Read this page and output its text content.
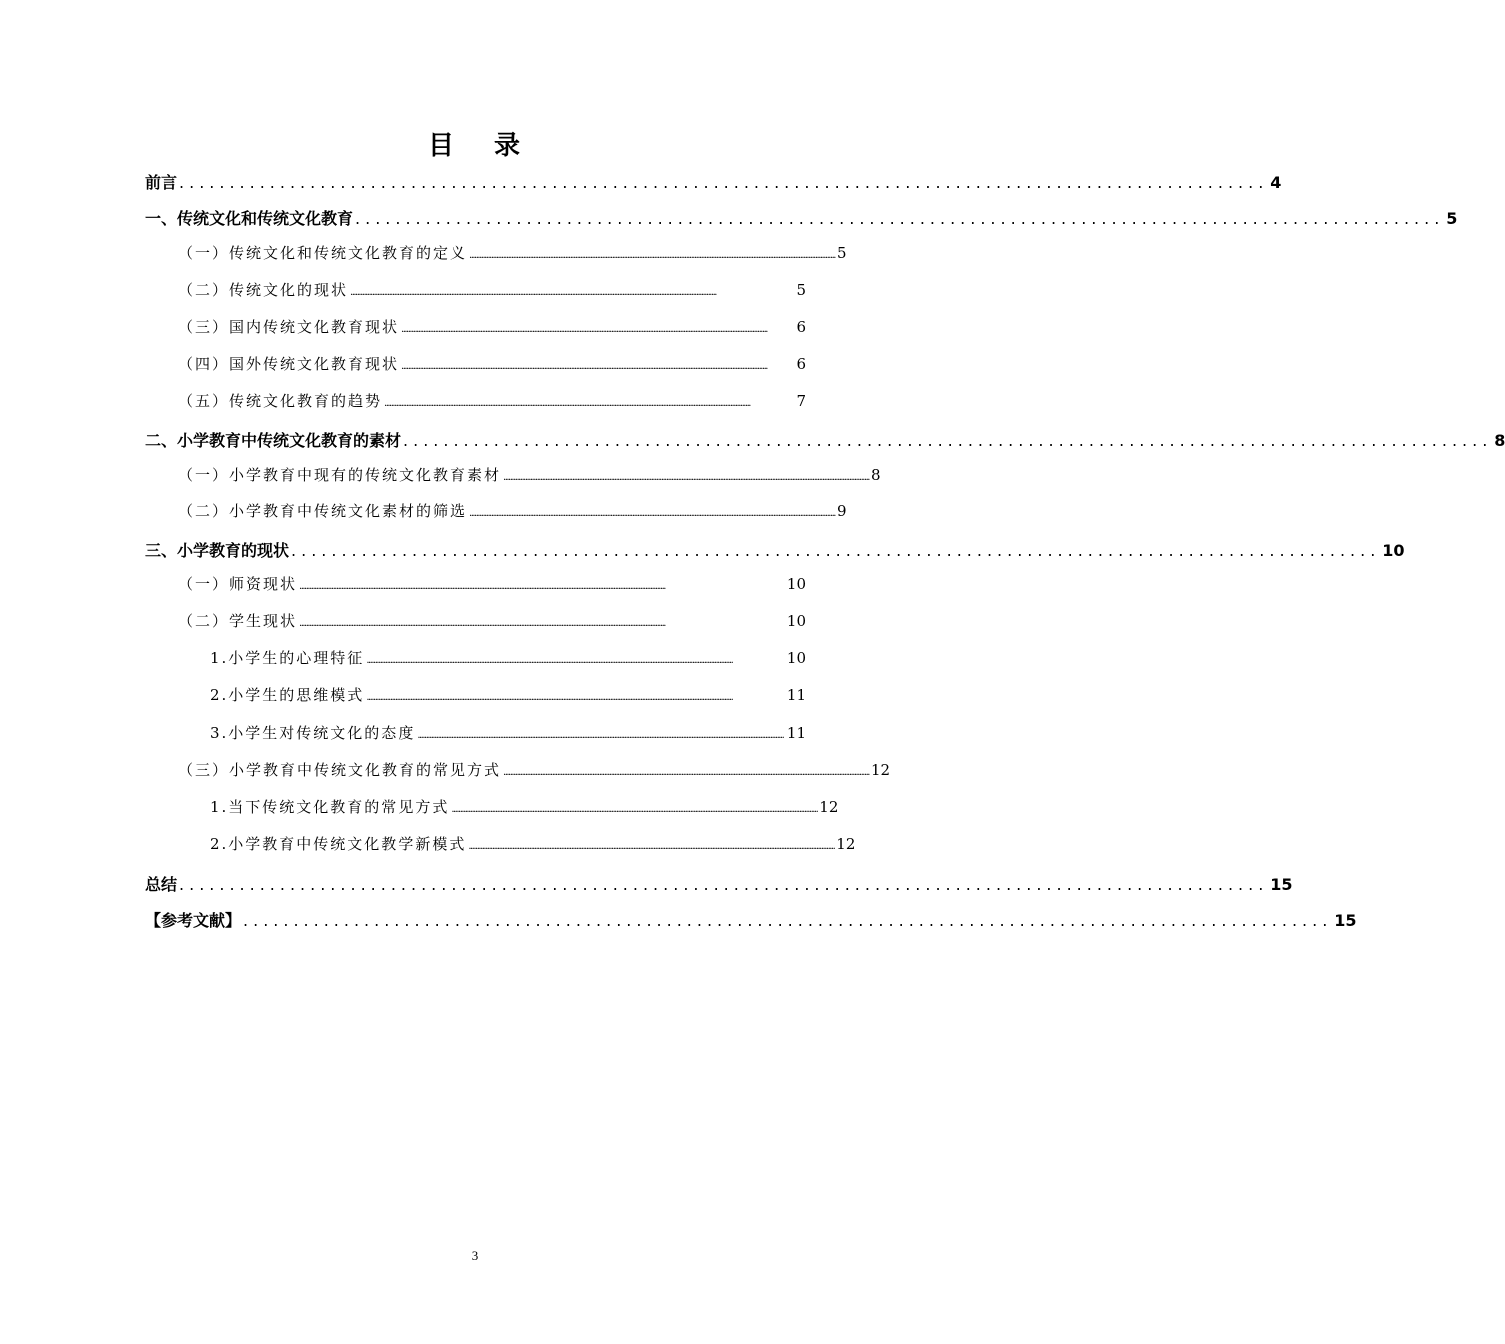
目 录
前言 ............................................................................................................ 4
一、传统文化和传统文化教育 ............................................................................................................ 5
（一）传统文化和传统文化教育的定义 .......................................................................................................................................................................................................................... 5
（二）传统文化的现状 ..........................................................................................................................................................................................................................	5
（三）国内传统文化教育现状 ..........................................................................................................................................................................................................................	6
（四）国外传统文化教育现状 ..........................................................................................................................................................................................................................	6
（五）传统文化教育的趋势 ..........................................................................................................................................................................................................................	7
二、小学教育中传统文化教育的素材 ............................................................................................................ 8
（一）小学教育中现有的传统文化教育素材 .......................................................................................................................................................................................................................... 8
（二）小学教育中传统文化素材的筛选 .......................................................................................................................................................................................................................... 9
三、小学教育的现状 ............................................................................................................ 10
（一）师资现状 ..........................................................................................................................................................................................................................	10
（二）学生现状 ..........................................................................................................................................................................................................................	10
1.小学生的心理特征 ..........................................................................................................................................................................................................................	10
2.小学生的思维模式 ..........................................................................................................................................................................................................................	11
3.小学生对传统文化的态度 .......................................................................................................................................................................................................................... 11
（三）小学教育中传统文化教育的常见方式 .......................................................................................................................................................................................................................... 12
1.当下传统文化教育的常见方式 .......................................................................................................................................................................................................................... 12
2.小学教育中传统文化教学新模式 .......................................................................................................................................................................................................................... 12
总结 ............................................................................................................ 15
【参考文献】 ............................................................................................................ 15
3
